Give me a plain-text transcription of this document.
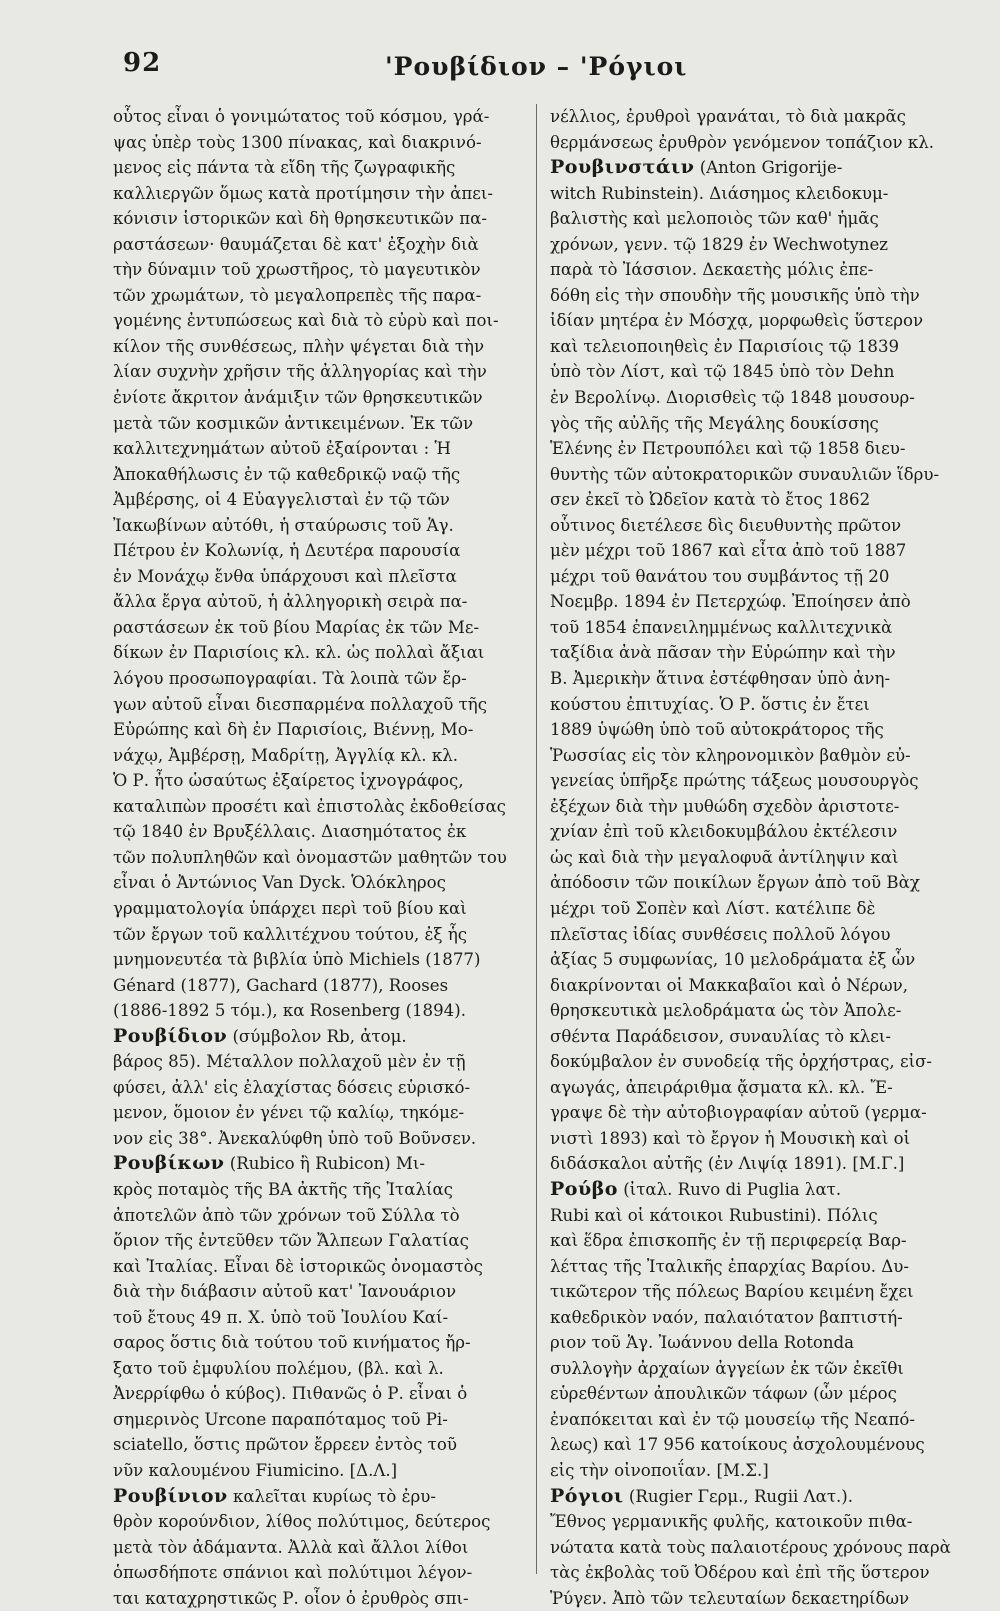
92	'Ρουβίδιον – 'Ρόγιοι
οὗτος εἶναι ὁ γονιμώτατος τοῦ κόσμου, γρά-
ψας ὑπὲρ τοὺς 1300 πίνακας, καὶ διακρινό-
μενος εἰς πάντα τὰ εἴδη τῆς ζωγραφικῆς
καλλιεργῶν ὅμως κατὰ προτίμησιν τὴν ἀπει-
κόνισιν ἱστορικῶν καὶ δὴ θρησκευτικῶν πα-
ραστάσεων· θαυμάζεται δὲ κατ' ἐξοχὴν διὰ
τὴν δύναμιν τοῦ χρωστῆρος, τὸ μαγευτικὸν
τῶν χρωμάτων, τὸ μεγαλοπρεπὲς τῆς παρα-
γομένης ἐντυπώσεως καὶ διὰ τὸ εὐρὺ καὶ ποι-
κίλον τῆς συνθέσεως, πλὴν ψέγεται διὰ τὴν
λίαν συχνὴν χρῆσιν τῆς ἀλληγορίας καὶ τὴν
ἐνίοτε ἄκριτον ἀνάμιξιν τῶν θρησκευτικῶν
μετὰ τῶν κοσμικῶν ἀντικειμένων. Ἐκ τῶν
καλλιτεχνημάτων αὐτοῦ ἐξαίρονται : Ἡ
Ἀποκαθήλωσις ἐν τῷ καθεδρικῷ ναῷ τῆς
Ἀμβέρσης, οἱ 4 Εὐαγγελισταὶ ἐν τῷ τῶν
Ἰακωβίνων αὐτόθι, ἡ σταύρωσις τοῦ Ἁγ.
Πέτρου ἐν Κολωνίᾳ, ἡ Δευτέρα παρουσία
ἐν Μονάχῳ ἔνθα ὑπάρχουσι καὶ πλεῖστα
ἄλλα ἔργα αὐτοῦ, ἡ ἀλληγορικὴ σειρὰ πα-
ραστάσεων ἐκ τοῦ βίου Μαρίας ἐκ τῶν Με-
δίκων ἐν Παρισίοις κλ. κλ. ὡς πολλαὶ ἄξιαι
λόγου προσωπογραφίαι. Τὰ λοιπὰ τῶν ἔρ-
γων αὐτοῦ εἶναι διεσπαρμένα πολλαχοῦ τῆς
Εὐρώπης καὶ δὴ ἐν Παρισίοις, Βιέννῃ, Μο-
νάχῳ, Ἀμβέρσῃ, Μαδρίτῃ, Ἀγγλίᾳ κλ. κλ.
Ὁ Ρ. ἦτο ὡσαύτως ἐξαίρετος ἰχνογράφος,
καταλιπὼν προσέτι καὶ ἐπιστολὰς ἐκδοθείσας
τῷ 1840 ἐν Βρυξέλλαις. Διασημότατος ἐκ
τῶν πολυπληθῶν καὶ ὀνομαστῶν μαθητῶν του
εἶναι ὁ Ἀντώνιος Van Dyck. Ὁλόκληρος
γραμματολογία ὑπάρχει περὶ τοῦ βίου καὶ
τῶν ἔργων τοῦ καλλιτέχνου τούτου, ἐξ ἧς
μνημονευτέα τὰ βιβλία ὑπὸ Michiels (1877)
Génard (1877), Gachard (1877), Rooses
(1886-1892 5 τόμ.), κα Rosenberg (1894).
Ρουβίδιον (σύμβολον Rb, ἀτομ.
βάρος 85). Μέταλλον πολλαχοῦ μὲν ἐν τῇ
φύσει, ἀλλ' εἰς ἐλαχίστας δόσεις εὑρισκό-
μενον, ὅμοιον ἐν γένει τῷ καλίῳ, τηκόμε-
νον εἰς 38°. Ἀνεκαλύφθη ὑπὸ τοῦ Βοῦνσεν.
Ρουβίκων (Rubico ἢ Rubicon) Μι-
κρὸς ποταμὸς τῆς ΒΑ ἀκτῆς τῆς Ἰταλίας
ἀποτελῶν ἀπὸ τῶν χρόνων τοῦ Σύλλα τὸ
ὅριον τῆς ἐντεῦθεν τῶν Ἄλπεων Γαλατίας
καὶ Ἰταλίας. Εἶναι δὲ ἱστορικῶς ὀνομαστὸς
διὰ τὴν διάβασιν αὐτοῦ κατ' Ἰανουάριον
τοῦ ἔτους 49 π. Χ. ὑπὸ τοῦ Ἰουλίου Καί-
σαρος ὅστις διὰ τούτου τοῦ κινήματος ἤρ-
ξατο τοῦ ἐμφυλίου πολέμου, (βλ. καὶ λ.
Ἀνερρίφθω ὁ κύβος). Πιθανῶς ὁ Ρ. εἶναι ὁ
σημερινὸς Urcone παραπόταμος τοῦ Pi-
sciatello, ὅστις πρῶτον ἔρρεεν ἐντὸς τοῦ
νῦν καλουμένου Fiumicino. [Δ.Λ.]
Ρουβίνιον καλεῖται κυρίως τὸ ἐρυ-
θρὸν κορούνδιον, λίθος πολύτιμος, δεύτερος
μετὰ τὸν ἀδάμαντα. Ἀλλὰ καὶ ἄλλοι λίθοι
ὁπωσδήποτε σπάνιοι καὶ πολύτιμοι λέγον-
ται καταχρηστικῶς Ρ. οἷον ὁ ἐρυθρὸς σπι-
νέλλιος, ἐρυθροὶ γρανάται, τὸ διὰ μακρᾶς
θερμάνσεως ἐρυθρὸν γενόμενον τοπάζιον κλ.
Ρουβινστάιν (Anton Grigorije-
witch Rubinstein). Διάσημος κλειδοκυμ-
βαλιστὴς καὶ μελοποιὸς τῶν καθ' ἡμᾶς
χρόνων, γενν. τῷ 1829 ἐν Wechwotynez
παρὰ τὸ Ἰάσσιον. Δεκαετὴς μόλις ἐπε-
δόθη εἰς τὴν σπουδὴν τῆς μουσικῆς ὑπὸ τὴν
ἰδίαν μητέρα ἐν Μόσχᾳ, μορφωθεὶς ὕστερον
καὶ τελειοποιηθεὶς ἐν Παρισίοις τῷ 1839
ὑπὸ τὸν Λίστ, καὶ τῷ 1845 ὑπὸ τὸν Dehn
ἐν Βερολίνῳ. Διορισθεὶς τῷ 1848 μουσουρ-
γὸς τῆς αὐλῆς τῆς Μεγάλης δουκίσσης
Ἑλένης ἐν Πετρουπόλει καὶ τῷ 1858 διευ-
θυντὴς τῶν αὐτοκρατορικῶν συναυλιῶν ἵδρυ-
σεν ἐκεῖ τὸ Ὠδεῖον κατὰ τὸ ἔτος 1862
οὗτινος διετέλεσε δὶς διευθυντὴς πρῶτον
μὲν μέχρι τοῦ 1867 καὶ εἶτα ἀπὸ τοῦ 1887
μέχρι τοῦ θανάτου του συμβάντος τῇ 20
Νοεμβρ. 1894 ἐν Πετερχώφ. Ἐποίησεν ἀπὸ
τοῦ 1854 ἐπανειλημμένως καλλιτεχνικὰ
ταξίδια ἀνὰ πᾶσαν τὴν Εὐρώπην καὶ τὴν
Β. Ἀμερικὴν ἅτινα ἐστέφθησαν ὑπὸ ἀνη-
κούστου ἐπιτυχίας. Ὁ Ρ. ὅστις ἐν ἔτει
1889 ὑψώθη ὑπὸ τοῦ αὐτοκράτορος τῆς
Ῥωσσίας εἰς τὸν κληρονομικὸν βαθμὸν εὐ-
γενείας ὑπῆρξε πρώτης τάξεως μουσουργὸς
ἐξέχων διὰ τὴν μυθώδη σχεδὸν ἀριστοτε-
χνίαν ἐπὶ τοῦ κλειδοκυμβάλου ἐκτέλεσιν
ὡς καὶ διὰ τὴν μεγαλοφυᾶ ἀντίληψιν καὶ
ἀπόδοσιν τῶν ποικίλων ἔργων ἀπὸ τοῦ Βὰχ
μέχρι τοῦ Σοπὲν καὶ Λίστ. κατέλιπε δὲ
πλεῖστας ἰδίας συνθέσεις πολλοῦ λόγου
ἀξίας 5 συμφωνίας, 10 μελοδράματα ἐξ ὧν
διακρίνονται οἱ Μακκαβαῖοι καὶ ὁ Νέρων,
θρησκευτικὰ μελοδράματα ὡς τὸν Ἀπολε-
σθέντα Παράδεισον, συναυλίας τὸ κλει-
δοκύμβαλον ἐν συνοδείᾳ τῆς ὀρχήστρας, εἰσ-
αγωγάς, ἀπειράριθμα ᾄσματα κλ. κλ. Ἔ-
γραψε δὲ τὴν αὐτοβιογραφίαν αὐτοῦ (γερμα-
νιστὶ 1893) καὶ τὸ ἔργον ἡ Μουσικὴ καὶ οἱ
διδάσκαλοι αὐτῆς (ἐν Λιψίᾳ 1891). [Μ.Γ.]
Ρούβο (ἰταλ. Ruvo di Puglia λατ.
Rubi καὶ οἱ κάτοικοι Rubustini). Πόλις
καὶ ἕδρα ἐπισκοπῆς ἐν τῇ περιφερείᾳ Βαρ-
λέττας τῆς Ἰταλικῆς ἐπαρχίας Βαρίου. Δυ-
τικῶτερον τῆς πόλεως Βαρίου κειμένη ἔχει
καθεδρικὸν ναόν, παλαιότατον βαπτιστή-
ριον τοῦ Ἁγ. Ἰωάννου della Rotonda
συλλογὴν ἀρχαίων ἀγγείων ἐκ τῶν ἐκεῖθι
εὑρεθέντων ἀπουλικῶν τάφων (ὧν μέρος
ἐναπόκειται καὶ ἐν τῷ μουσείῳ τῆς Νεαπό-
λεως) καὶ 17 956 κατοίκους ἀσχολουμένους
εἰς τὴν οἰνοποιΐαν. [Μ.Σ.]
Ρόγιοι (Rugier Γερμ., Rugii Λατ.).
Ἔθνος γερμανικῆς φυλῆς, κατοικοῦν πιθα-
νώτατα κατὰ τοὺς παλαιοτέρους χρόνους παρὰ
τὰς ἐκβολὰς τοῦ Ὀδέρου καὶ ἐπὶ τῆς ὕστερον
Ῥύγεν. Ἀπὸ τῶν τελευταίων δεκαετηρίδων
